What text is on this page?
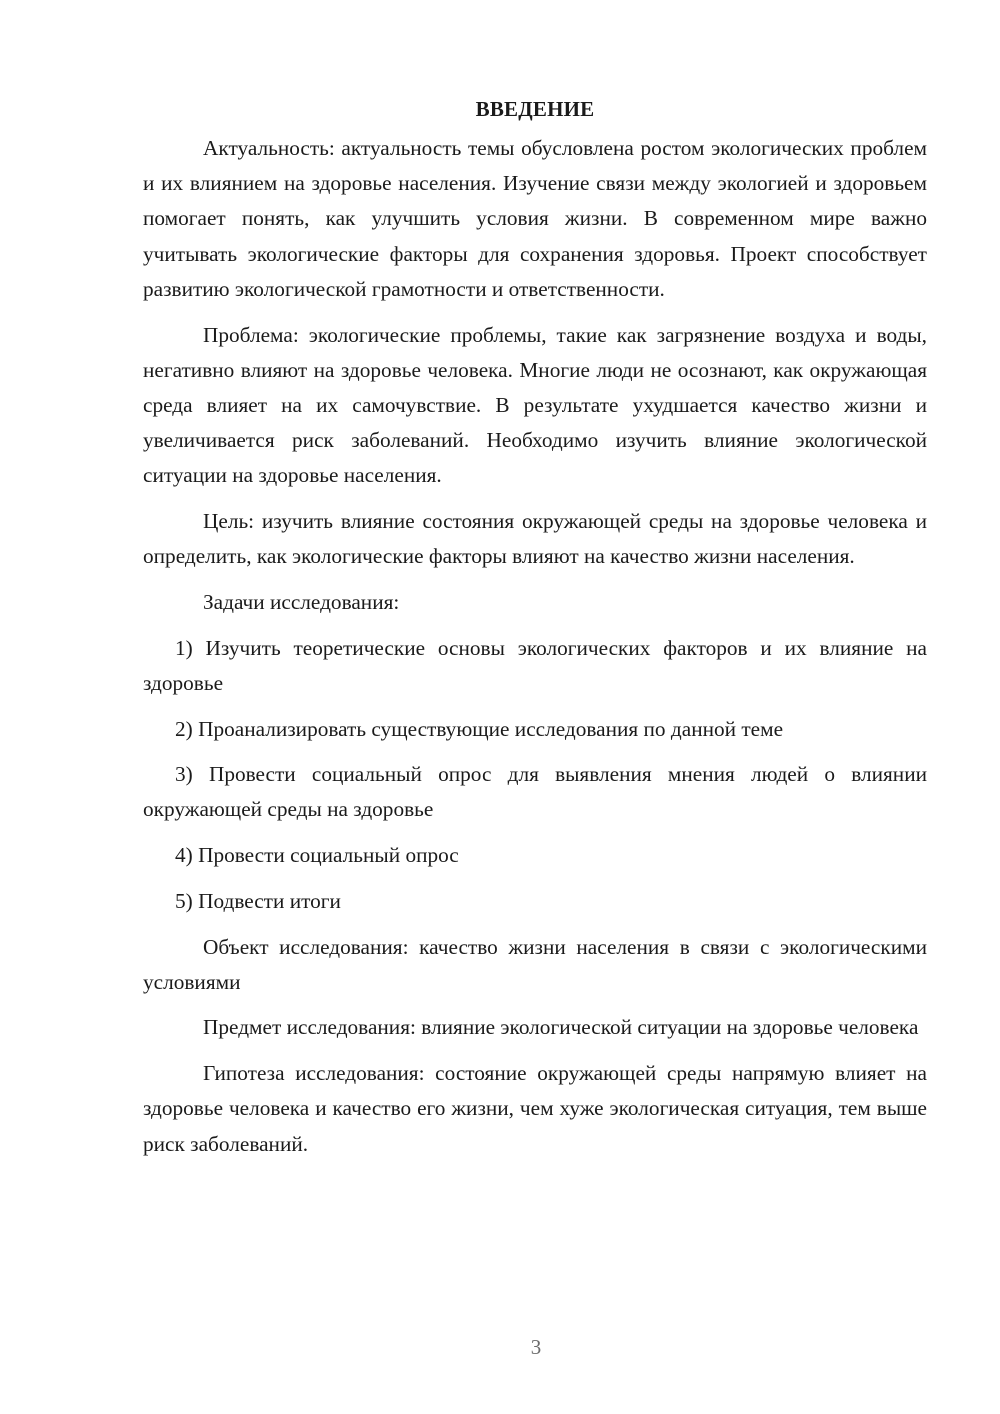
ВВЕДЕНИЕ

Актуальность: актуальность темы обусловлена ростом экологических проблем и их влиянием на здоровье населения. Изучение связи между экологией и здоровьем помогает понять, как улучшить условия жизни. В современном мире важно учитывать экологические факторы для сохранения здоровья. Проект способствует развитию экологической грамотности и ответственности.

Проблема: экологические проблемы, такие как загрязнение воздуха и воды, негативно влияют на здоровье человека. Многие люди не осознают, как окружающая среда влияет на их самочувствие. В результате ухудшается качество жизни и увеличивается риск заболеваний. Необходимо изучить влияние экологической ситуации на здоровье населения.

Цель: изучить влияние состояния окружающей среды на здоровье человека и определить, как экологические факторы влияют на качество жизни населения.

Задачи исследования:

1) Изучить теоретические основы экологических факторов и их влияние на здоровье

2) Проанализировать существующие исследования по данной теме

3) Провести социальный опрос для выявления мнения людей о влиянии окружающей среды на здоровье

4) Провести социальный опрос

5) Подвести итоги

Объект исследования: качество жизни населения в связи с экологическими условиями

Предмет исследования: влияние экологической ситуации на здоровье человека

Гипотеза исследования: состояние окружающей среды напрямую влияет на здоровье человека и качество его жизни, чем хуже экологическая ситуация, тем выше риск заболеваний.

3
